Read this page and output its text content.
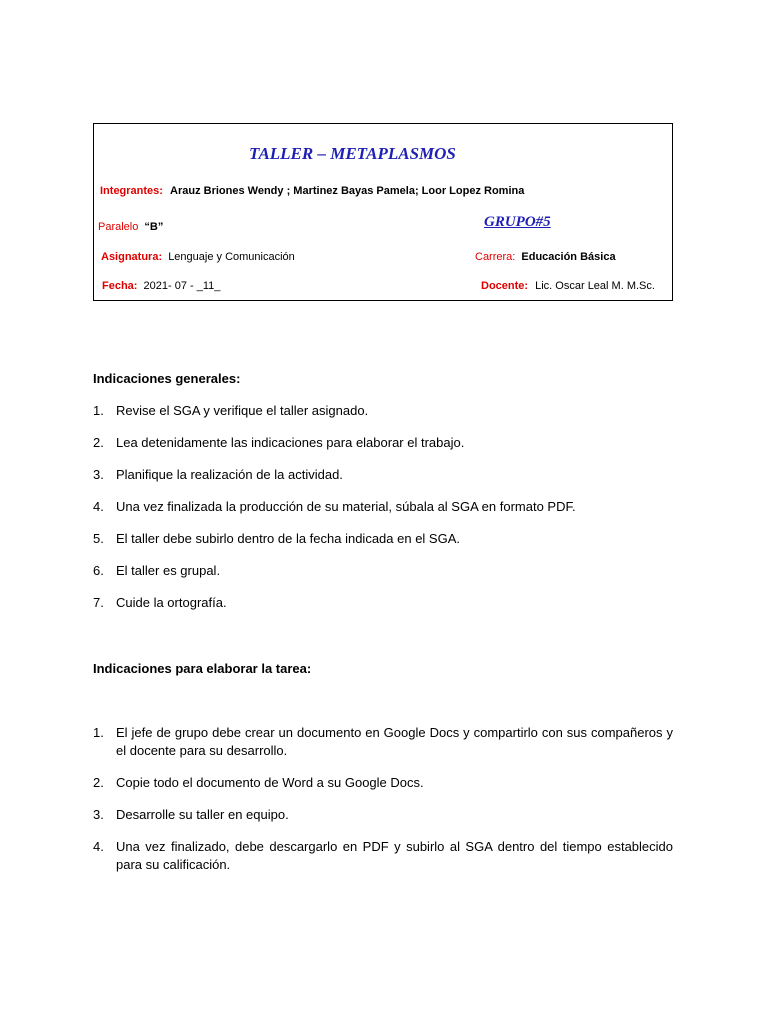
TALLER – METAPLASMOS
Integrantes: Arauz Briones Wendy ; Martinez Bayas Pamela; Loor Lopez Romina
Paralelo “B”	GRUPO#5
Asignatura: Lenguaje y Comunicación	Carrera: Educación Básica
Fecha: 2021- 07 - _11_	Docente: Lic. Oscar Leal M. M.Sc.
Indicaciones generales:
1. Revise el SGA y verifique el taller asignado.
2. Lea detenidamente las indicaciones para elaborar el trabajo.
3. Planifique la realización de la actividad.
4. Una vez finalizada la producción de su material, súbala al SGA en formato PDF.
5. El taller debe subirlo dentro de la fecha indicada en el SGA.
6. El taller es grupal.
7. Cuide la ortografía.
Indicaciones para elaborar la tarea:
1. El jefe de grupo debe crear un documento en Google Docs y compartirlo con sus compañeros y el docente para su desarrollo.
2. Copie todo el documento de Word a su Google Docs.
3. Desarrolle su taller en equipo.
4. Una vez finalizado, debe descargarlo en PDF y subirlo al SGA dentro del tiempo establecido para su calificación.
